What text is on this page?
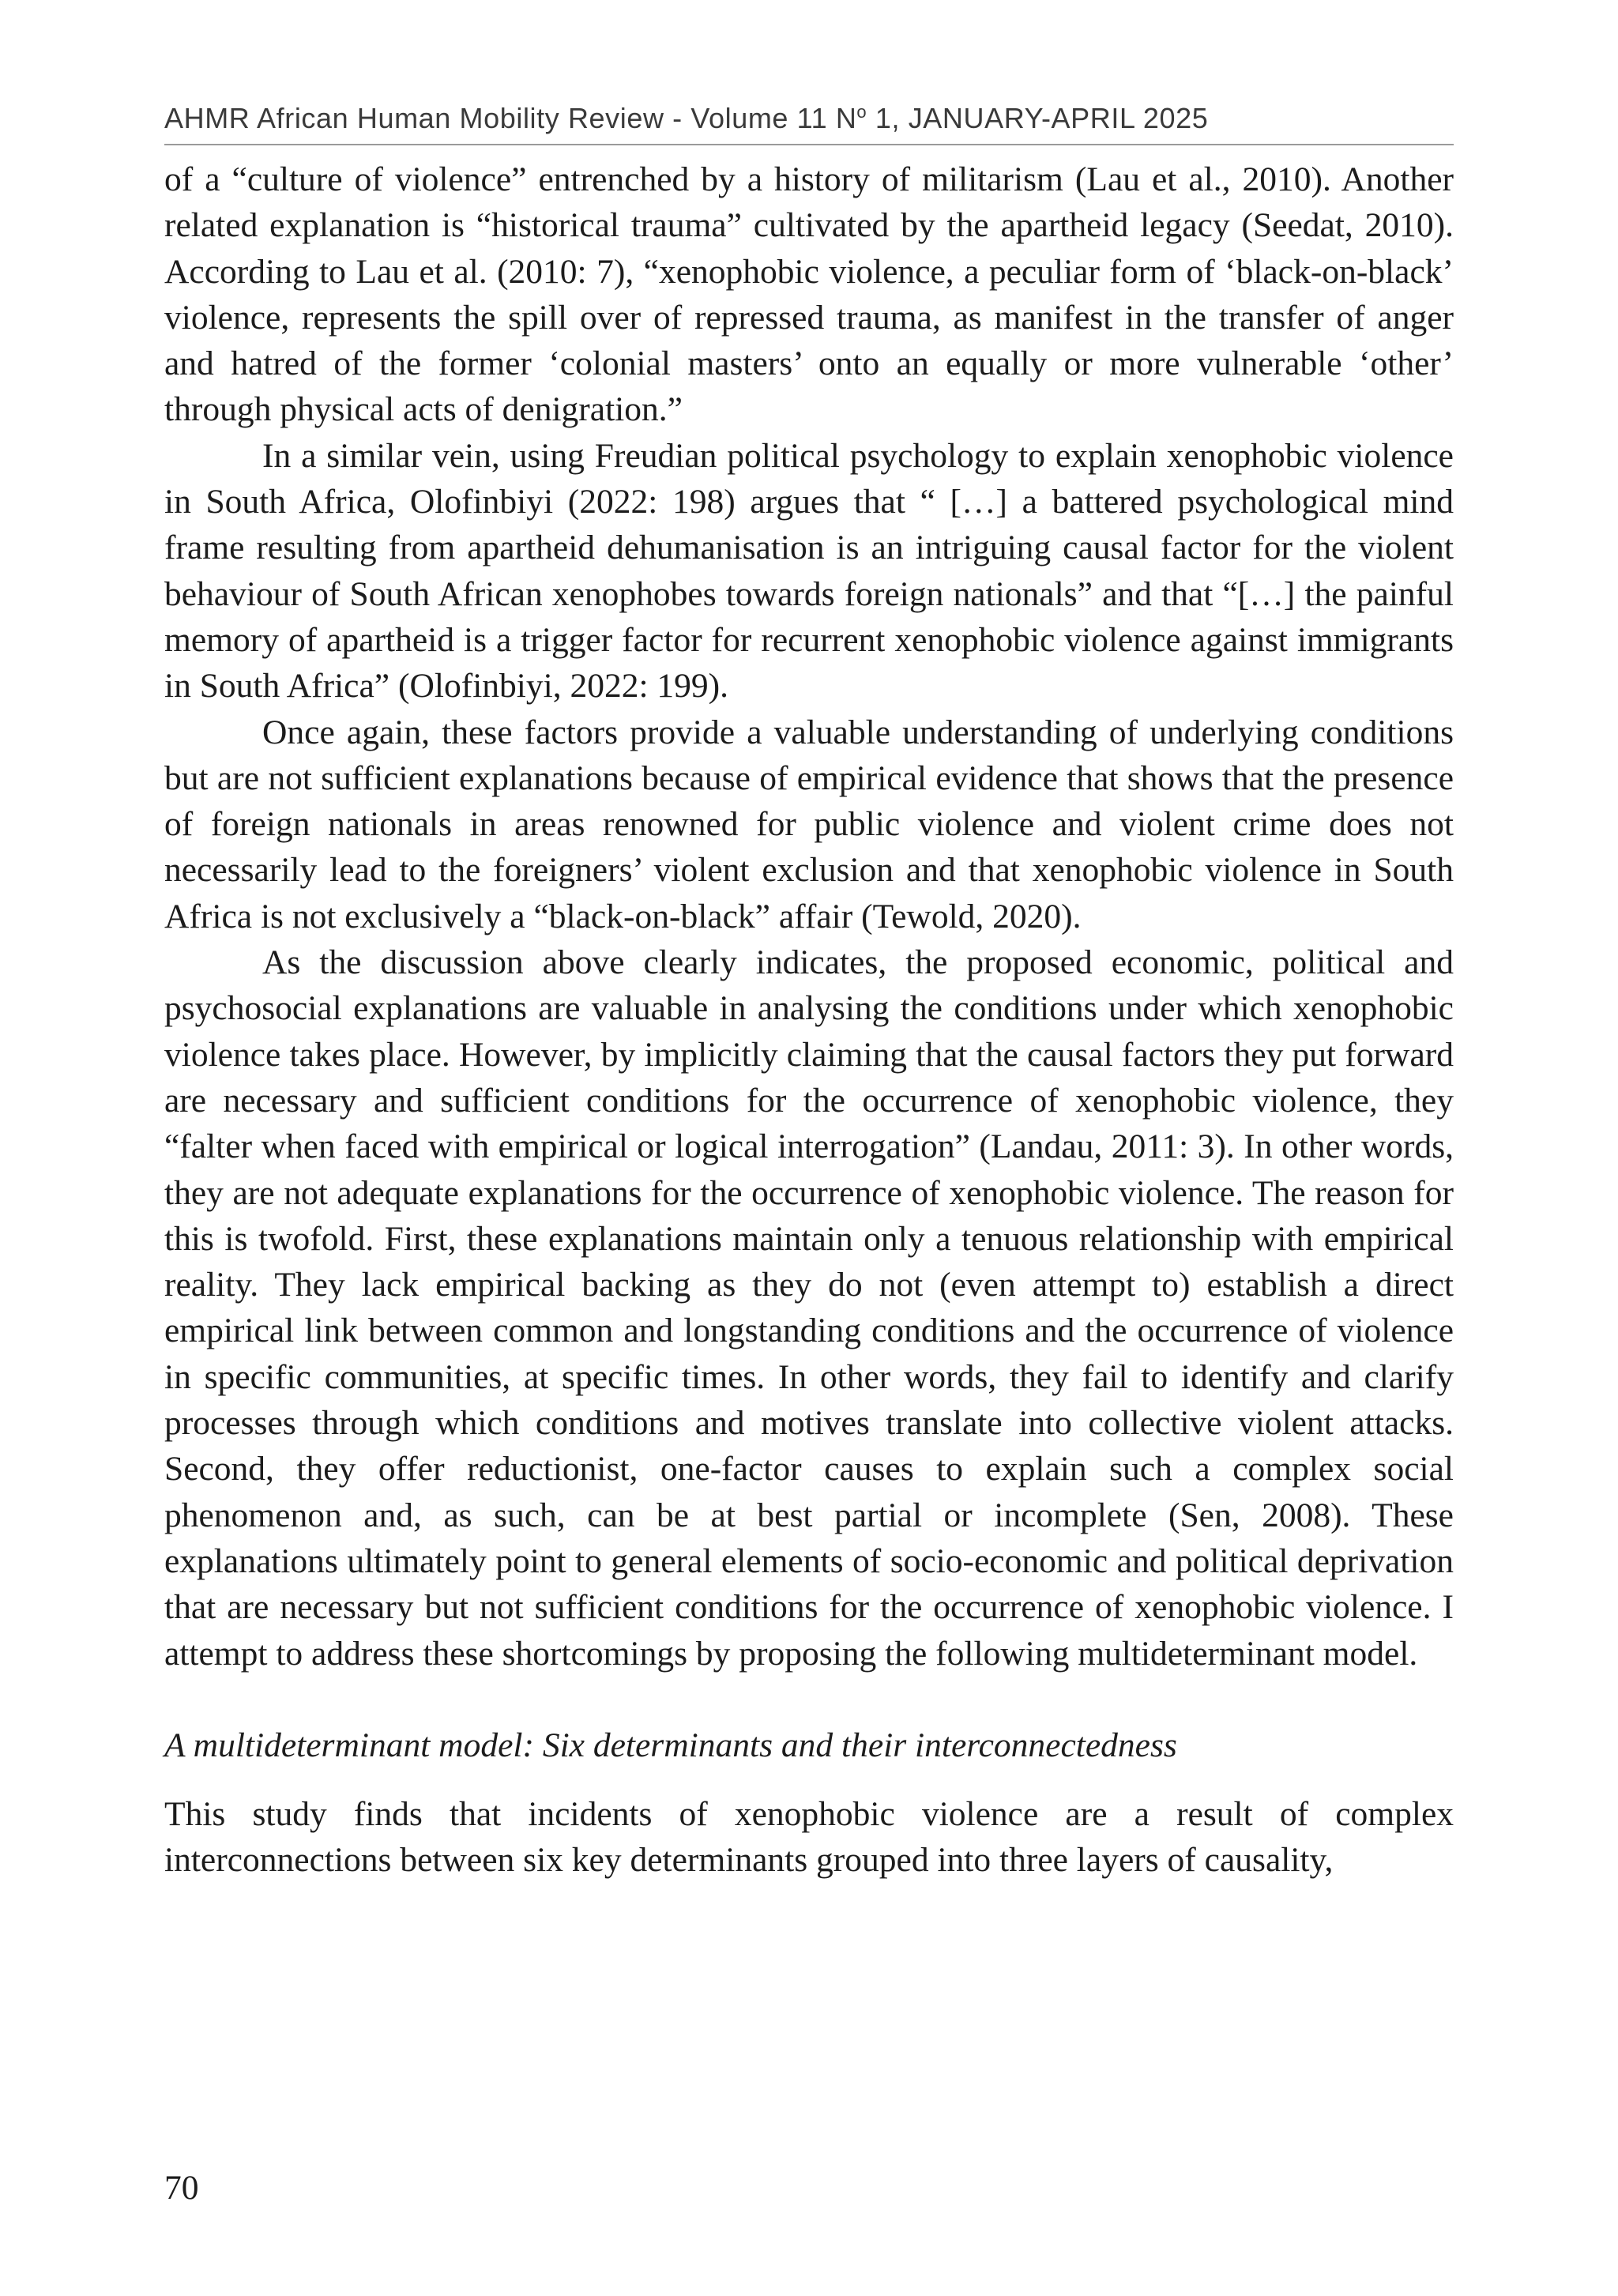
AHMR African Human Mobility Review - Volume 11 $N^o$ 1, JANUARY-APRIL 2025

of a “culture of violence” entrenched by a history of militarism (Lau et al., 2010). Another related explanation is “historical trauma” cultivated by the apartheid legacy (Seedat, 2010). According to Lau et al. (2010: 7), “xenophobic violence, a peculiar form of ‘black-on-black’ violence, represents the spill over of repressed trauma, as manifest in the transfer of anger and hatred of the former ‘colonial masters’ onto an equally or more vulnerable ‘other’ through physical acts of denigration.”

In a similar vein, using Freudian political psychology to explain xenophobic violence in South Africa, Olofinbiyi (2022: 198) argues that “ […] a battered psychological mind frame resulting from apartheid dehumanisation is an intriguing causal factor for the violent behaviour of South African xenophobes towards foreign nationals” and that “[…] the painful memory of apartheid is a trigger factor for recurrent xenophobic violence against immigrants in South Africa” (Olofinbiyi, 2022: 199).

Once again, these factors provide a valuable understanding of underlying conditions but are not sufficient explanations because of empirical evidence that shows that the presence of foreign nationals in areas renowned for public violence and violent crime does not necessarily lead to the foreigners’ violent exclusion and that xenophobic violence in South Africa is not exclusively a “black-on-black” affair (Tewold, 2020).

As the discussion above clearly indicates, the proposed economic, political and psychosocial explanations are valuable in analysing the conditions under which xenophobic violence takes place. However, by implicitly claiming that the causal factors they put forward are necessary and sufficient conditions for the occurrence of xenophobic violence, they “falter when faced with empirical or logical interrogation” (Landau, 2011: 3). In other words, they are not adequate explanations for the occurrence of xenophobic violence. The reason for this is twofold. First, these explanations maintain only a tenuous relationship with empirical reality. They lack empirical backing as they do not (even attempt to) establish a direct empirical link between common and longstanding conditions and the occurrence of violence in specific communities, at specific times. In other words, they fail to identify and clarify processes through which conditions and motives translate into collective violent attacks. Second, they offer reductionist, one-factor causes to explain such a complex social phenomenon and, as such, can be at best partial or incomplete (Sen, 2008). These explanations ultimately point to general elements of socio-economic and political deprivation that are necessary but not sufficient conditions for the occurrence of xenophobic violence. I attempt to address these shortcomings by proposing the following multideterminant model.

A multideterminant model: Six determinants and their interconnectedness

This study finds that incidents of xenophobic violence are a result of complex interconnections between six key determinants grouped into three layers of causality,

70
